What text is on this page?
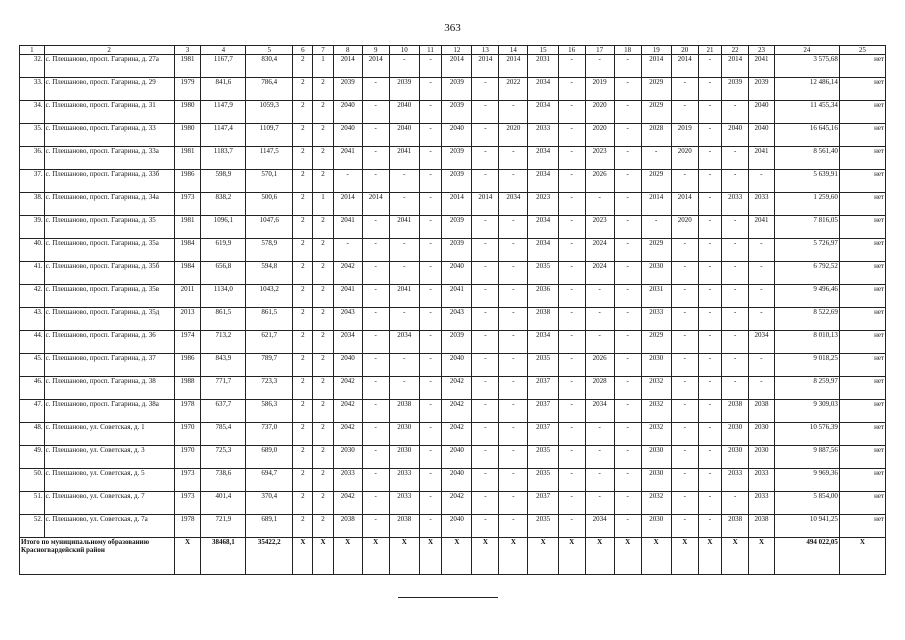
363
1	2	3	4	5	6	7	8	9	10	11	12	13	14	15	16	17	18	19	20	21	22	23	24	25
32.	с. Плешаново, просп. Гагарина, д. 27а	1981	1167,7	830,4	2	1	2014	2014	-	-	2014	2014	2014	2031	-	-	-	2014	2014	-	2014	2041	3 575,68	нет
33.	с. Плешаново, просп. Гагарина, д. 29	1979	841,6	786,4	2	2	2039	-	2039	-	2039	-	2022	2034	-	2019	-	2029	-	-	2039	2039	12 486,14	нет
34.	с. Плешаново, просп. Гагарина, д. 31	1980	1147,9	1059,3	2	2	2040	-	2040	-	2039	-	-	2034	-	2020	-	2029	-	-	-	2040	11 455,34	нет
35.	с. Плешаново, просп. Гагарина, д. 33	1980	1147,4	1109,7	2	2	2040	-	2040	-	2040	-	2020	2033	-	2020	-	2028	2019	-	2040	2040	16 645,16	нет
36.	с. Плешаново, просп. Гагарина, д. 33а	1981	1183,7	1147,5	2	2	2041	-	2041	-	2039	-	-	2034	-	2023	-	-	2020	-	-	2041	8 561,40	нет
37.	с. Плешаново, просп. Гагарина, д. 33б	1986	598,9	570,1	2	2	-	-	-	-	2039	-	-	2034	-	2026	-	2029	-	-	-	-	5 639,91	нет
38.	с. Плешаново, просп. Гагарина, д. 34а	1973	838,2	500,6	2	1	2014	2014	-	-	2014	2014	2034	2023	-	-	-	2014	2014	-	2033	2033	1 259,60	нет
39.	с. Плешаново, просп. Гагарина, д. 35	1981	1096,1	1047,6	2	2	2041	-	2041	-	2039	-	-	2034	-	2023	-	-	2020	-	-	2041	7 816,05	нет
40.	с. Плешаново, просп. Гагарина, д. 35а	1984	619,9	578,9	2	2	-	-	-	-	2039	-	-	2034	-	2024	-	2029	-	-	-	-	5 726,97	нет
41.	с. Плешаново, просп. Гагарина, д. 35б	1984	656,8	594,8	2	2	2042	-	-	-	2040	-	-	2035	-	2024	-	2030	-	-	-	-	6 792,52	нет
42.	с. Плешаново, просп. Гагарина, д. 35в	2011	1134,0	1043,2	2	2	2041	-	2041	-	2041	-	-	2036	-	-	-	2031	-	-	-	-	9 496,46	нет
43.	с. Плешаново, просп. Гагарина, д. 35д	2013	861,5	861,5	2	2	2043	-	-	-	2043	-	-	2038	-	-	-	2033	-	-	-	-	8 522,69	нет
44.	с. Плешаново, просп. Гагарина, д. 36	1974	713,2	621,7	2	2	2034	-	2034	-	2039	-	-	2034	-	-	-	2029	-	-	-	2034	8 010,13	нет
45.	с. Плешаново, просп. Гагарина, д. 37	1986	843,9	789,7	2	2	2040	-	-	-	2040	-	-	2035	-	2026	-	2030	-	-	-	-	9 018,25	нет
46.	с. Плешаново, просп. Гагарина, д. 38	1988	771,7	723,3	2	2	2042	-	-	-	2042	-	-	2037	-	2028	-	2032	-	-	-	-	8 259,97	нет
47.	с. Плешаново, просп. Гагарина, д. 38а	1978	637,7	586,3	2	2	2042	-	2038	-	2042	-	-	2037	-	2034	-	2032	-	-	2038	2038	9 309,03	нет
48.	с. Плешаново, ул. Советская, д. 1	1970	785,4	737,0	2	2	2042	-	2030	-	2042	-	-	2037	-	-	-	2032	-	-	2030	2030	10 576,39	нет
49.	с. Плешаново, ул. Советская, д. 3	1970	725,3	689,0	2	2	2030	-	2030	-	2040	-	-	2035	-	-	-	2030	-	-	2030	2030	9 887,56	нет
50.	с. Плешаново, ул. Советская, д. 5	1973	738,6	694,7	2	2	2033	-	2033	-	2040	-	-	2035	-	-	-	2030	-	-	2033	2033	9 969,36	нет
51.	с. Плешаново, ул. Советская, д. 7	1973	401,4	370,4	2	2	2042	-	2033	-	2042	-	-	2037	-	-	-	2032	-	-	-	2033	5 854,00	нет
52.	с. Плешаново, ул. Советская, д. 7а	1978	721,9	689,1	2	2	2038	-	2038	-	2040	-	-	2035	-	2034	-	2030	-	-	2038	2038	10 941,25	нет
Итого по муниципальному образованию Красногвардейский район		X	38468,1	35422,2	X	X	X	X	X	X	X	X	X	X	X	X	X	X	X	X	X	X	494 022,05	X
